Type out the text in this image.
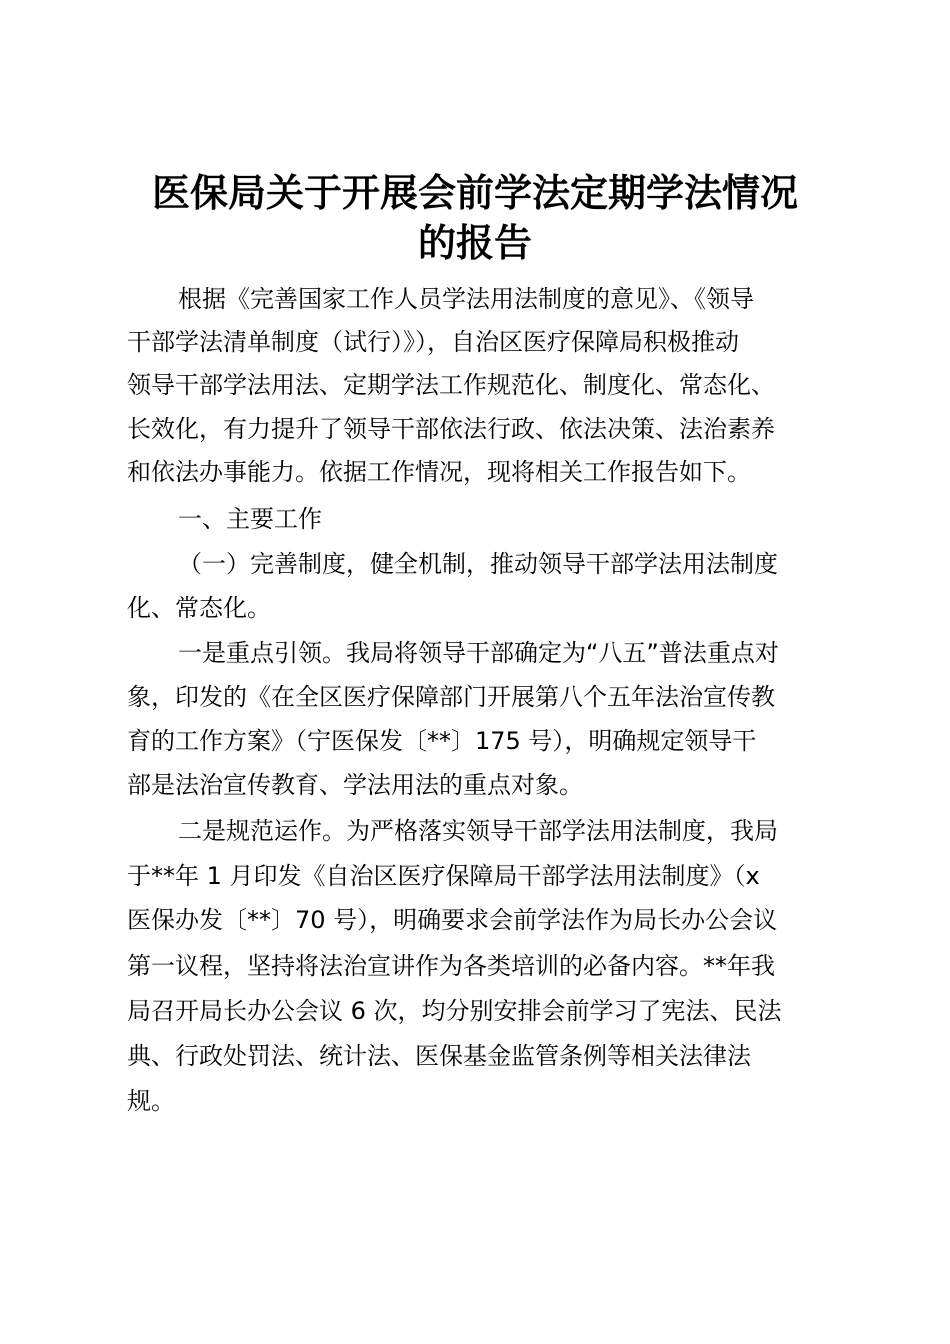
医保局关于开展会前学法定期学法情况
的报告
根据《完善国家工作人员学法用法制度的意见》、《领导
干部学法清单制度（试行）》），自治区医疗保障局积极推动
领导干部学法用法、定期学法工作规范化、制度化、常态化、
长效化，有力提升了领导干部依法行政、依法决策、法治素养
和依法办事能力。依据工作情况，现将相关工作报告如下。
一、主要工作
（一）完善制度，健全机制，推动领导干部学法用法制度
化、常态化。
一是重点引领。我局将领导干部确定为“八五”普法重点对
象，印发的《在全区医疗保障部门开展第八个五年法治宣传教
育的工作方案》（宁医保发〔**〕175 号），明确规定领导干
部是法治宣传教育、学法用法的重点对象。
二是规范运作。为严格落实领导干部学法用法制度，我局
于**年 1 月印发《自治区医疗保障局干部学法用法制度》（x
医保办发〔**〕70 号），明确要求会前学法作为局长办公会议
第一议程，坚持将法治宣讲作为各类培训的必备内容。**年我
局召开局长办公会议 6 次，均分别安排会前学习了宪法、民法
典、行政处罚法、统计法、医保基金监管条例等相关法律法
规。
